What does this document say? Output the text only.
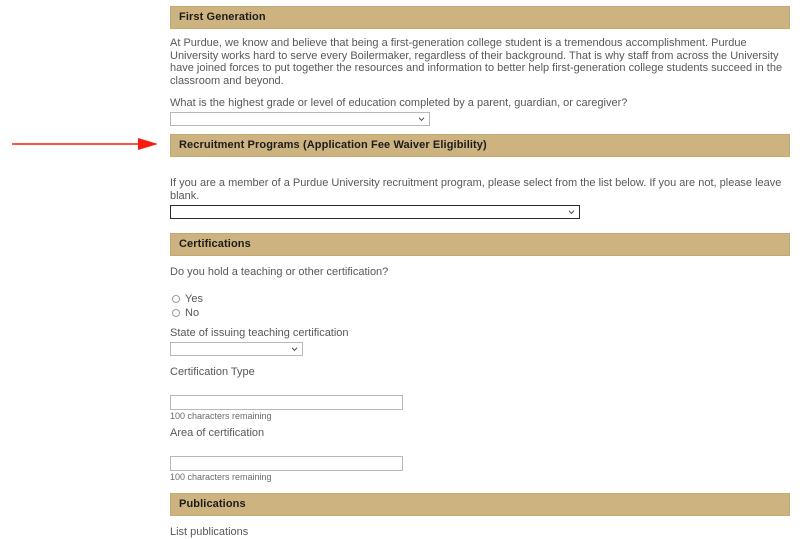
First Generation

At Purdue, we know and believe that being a first-generation college student is a tremendous accomplishment. Purdue University works hard to serve every Boilermaker, regardless of their background. That is why staff from across the University have joined forces to put together the resources and information to better help first-generation college students succeed in the classroom and beyond.

What is the highest grade or level of education completed by a parent, guardian, or caregiver?
Recruitment Programs (Application Fee Waiver Eligibility)
If you are a member of a Purdue University recruitment program, please select from the list below. If you are not, please leave blank.
Certifications
Do you hold a teaching or other certification?
Yes
No
State of issuing teaching certification
Certification Type
100 characters remaining
Area of certification
100 characters remaining
Publications
List publications
